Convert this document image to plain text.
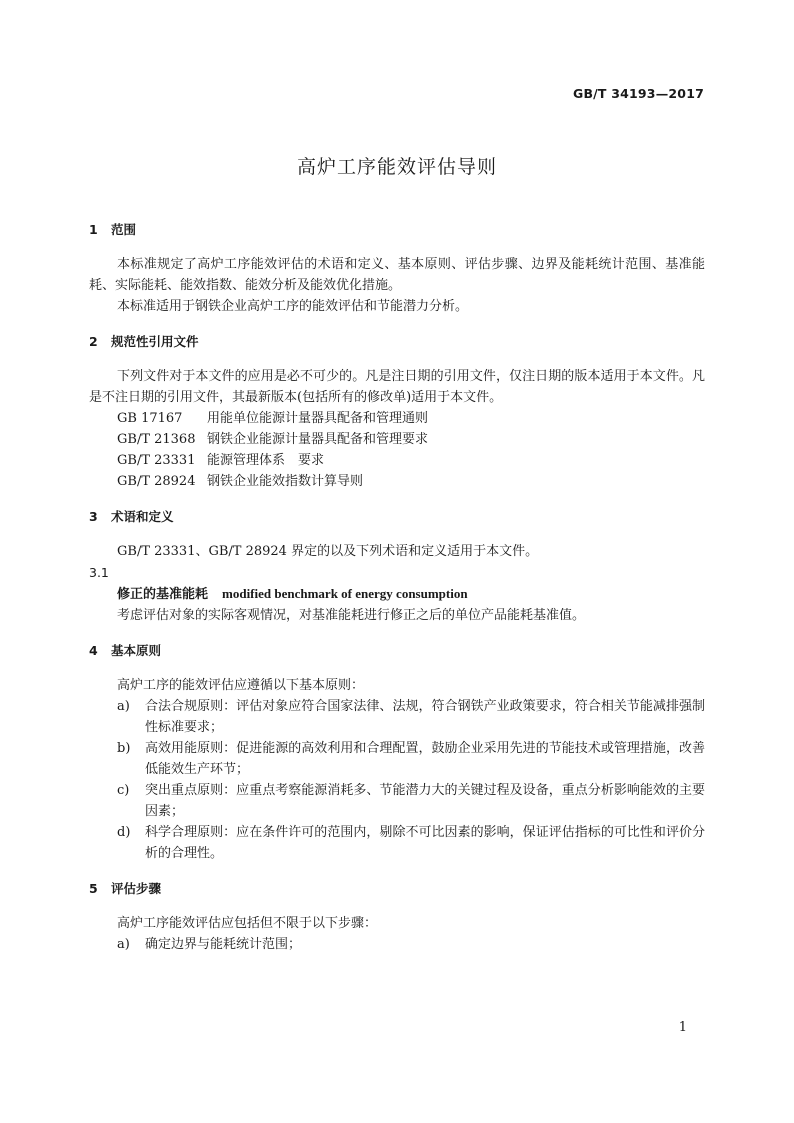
GB/T 34193—2017
高炉工序能效评估导则
1 范围
本标准规定了高炉工序能效评估的术语和定义、基本原则、评估步骤、边界及能耗统计范围、基准能耗、实际能耗、能效指数、能效分析及能效优化措施。
本标准适用于钢铁企业高炉工序的能效评估和节能潜力分析。
2 规范性引用文件
下列文件对于本文件的应用是必不可少的。凡是注日期的引用文件，仅注日期的版本适用于本文件。凡是不注日期的引用文件，其最新版本(包括所有的修改单)适用于本文件。
GB 17167 用能单位能源计量器具配备和管理通则
GB/T 21368 钢铁企业能源计量器具配备和管理要求
GB/T 23331 能源管理体系　要求
GB/T 28924 钢铁企业能效指数计算导则
3 术语和定义
GB/T 23331、GB/T 28924 界定的以及下列术语和定义适用于本文件。
3.1
修正的基准能耗 modified benchmark of energy consumption
考虑评估对象的实际客观情况，对基准能耗进行修正之后的单位产品能耗基准值。
4 基本原则
高炉工序的能效评估应遵循以下基本原则：
a)	合法合规原则：评估对象应符合国家法律、法规，符合钢铁产业政策要求，符合相关节能减排强制性标准要求；
b)	高效用能原则：促进能源的高效利用和合理配置，鼓励企业采用先进的节能技术或管理措施，改善低能效生产环节；
c)	突出重点原则：应重点考察能源消耗多、节能潜力大的关键过程及设备，重点分析影响能效的主要因素；
d)	科学合理原则：应在条件许可的范围内，剔除不可比因素的影响，保证评估指标的可比性和评价分析的合理性。
5 评估步骤
高炉工序能效评估应包括但不限于以下步骤：
a)	确定边界与能耗统计范围；
1
